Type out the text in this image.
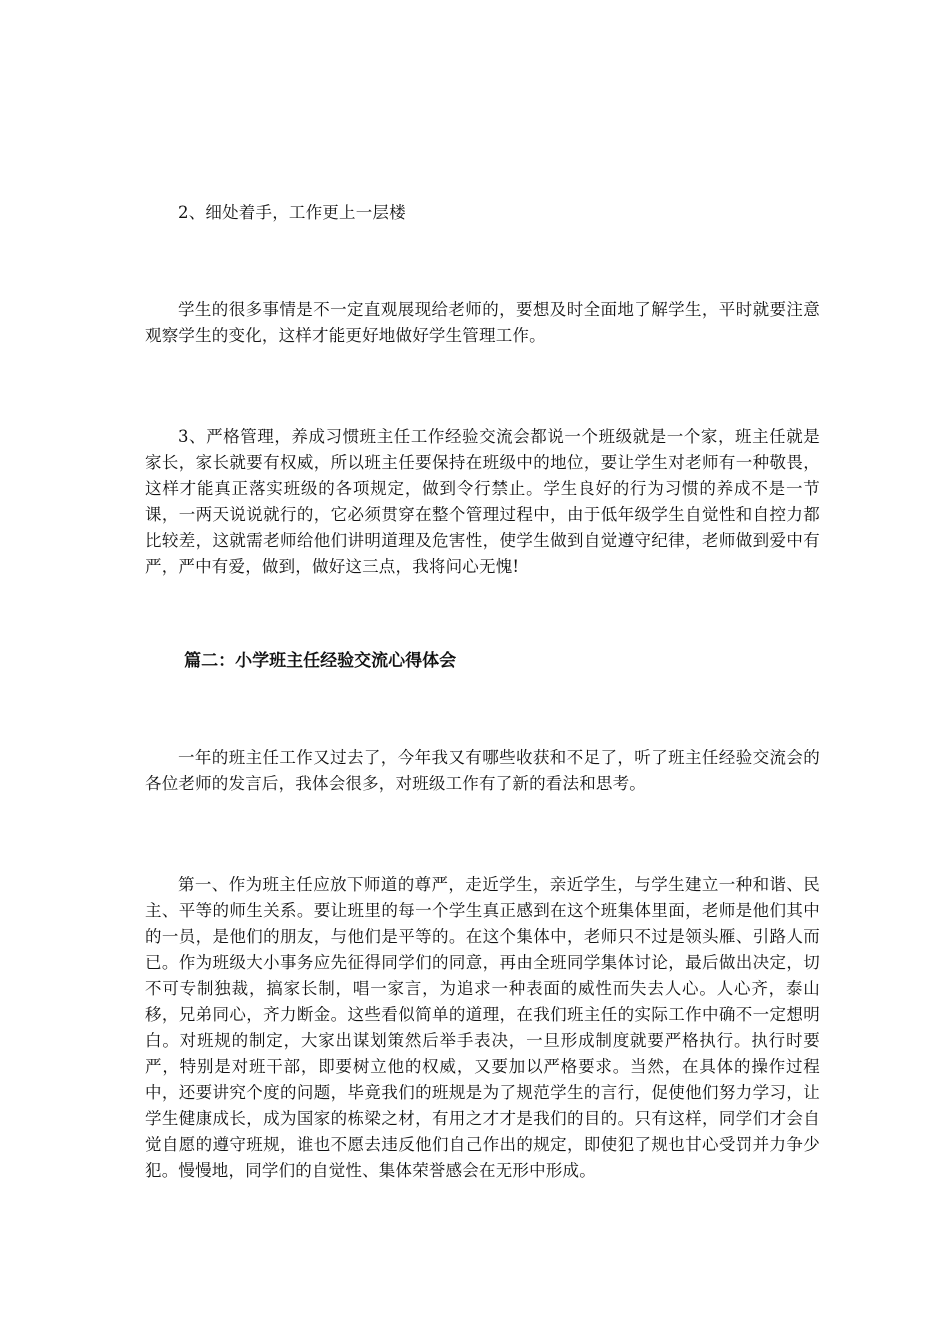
2、细处着手，工作更上一层楼

学生的很多事情是不一定直观展现给老师的，要想及时全面地了解学生，平时就要注意观察学生的变化，这样才能更好地做好学生管理工作。

3、严格管理，养成习惯班主任工作经验交流会都说一个班级就是一个家，班主任就是家长，家长就要有权威，所以班主任要保持在班级中的地位，要让学生对老师有一种敬畏，这样才能真正落实班级的各项规定，做到令行禁止。学生良好的行为习惯的养成不是一节课，一两天说说就行的，它必须贯穿在整个管理过程中，由于低年级学生自觉性和自控力都比较差，这就需老师给他们讲明道理及危害性，使学生做到自觉遵守纪律，老师做到爱中有严，严中有爱，做到，做好这三点，我将问心无愧!

篇二：小学班主任经验交流心得体会

一年的班主任工作又过去了，今年我又有哪些收获和不足了，听了班主任经验交流会的各位老师的发言后，我体会很多，对班级工作有了新的看法和思考。

第一、作为班主任应放下师道的尊严，走近学生，亲近学生，与学生建立一种和谐、民主、平等的师生关系。要让班里的每一个学生真正感到在这个班集体里面，老师是他们其中的一员，是他们的朋友，与他们是平等的。在这个集体中，老师只不过是领头雁、引路人而已。作为班级大小事务应先征得同学们的同意，再由全班同学集体讨论，最后做出决定，切不可专制独裁，搞家长制，唱一家言，为追求一种表面的威性而失去人心。人心齐，泰山移，兄弟同心，齐力断金。这些看似简单的道理，在我们班主任的实际工作中确不一定想明白。对班规的制定，大家出谋划策然后举手表决，一旦形成制度就要严格执行。执行时要严，特别是对班干部，即要树立他的权威，又要加以严格要求。当然，在具体的操作过程中，还要讲究个度的问题，毕竟我们的班规是为了规范学生的言行，促使他们努力学习，让学生健康成长，成为国家的栋梁之材，有用之才才是我们的目的。只有这样，同学们才会自觉自愿的遵守班规，谁也不愿去违反他们自己作出的规定，即使犯了规也甘心受罚并力争少犯。慢慢地，同学们的自觉性、集体荣誉感会在无形中形成。
